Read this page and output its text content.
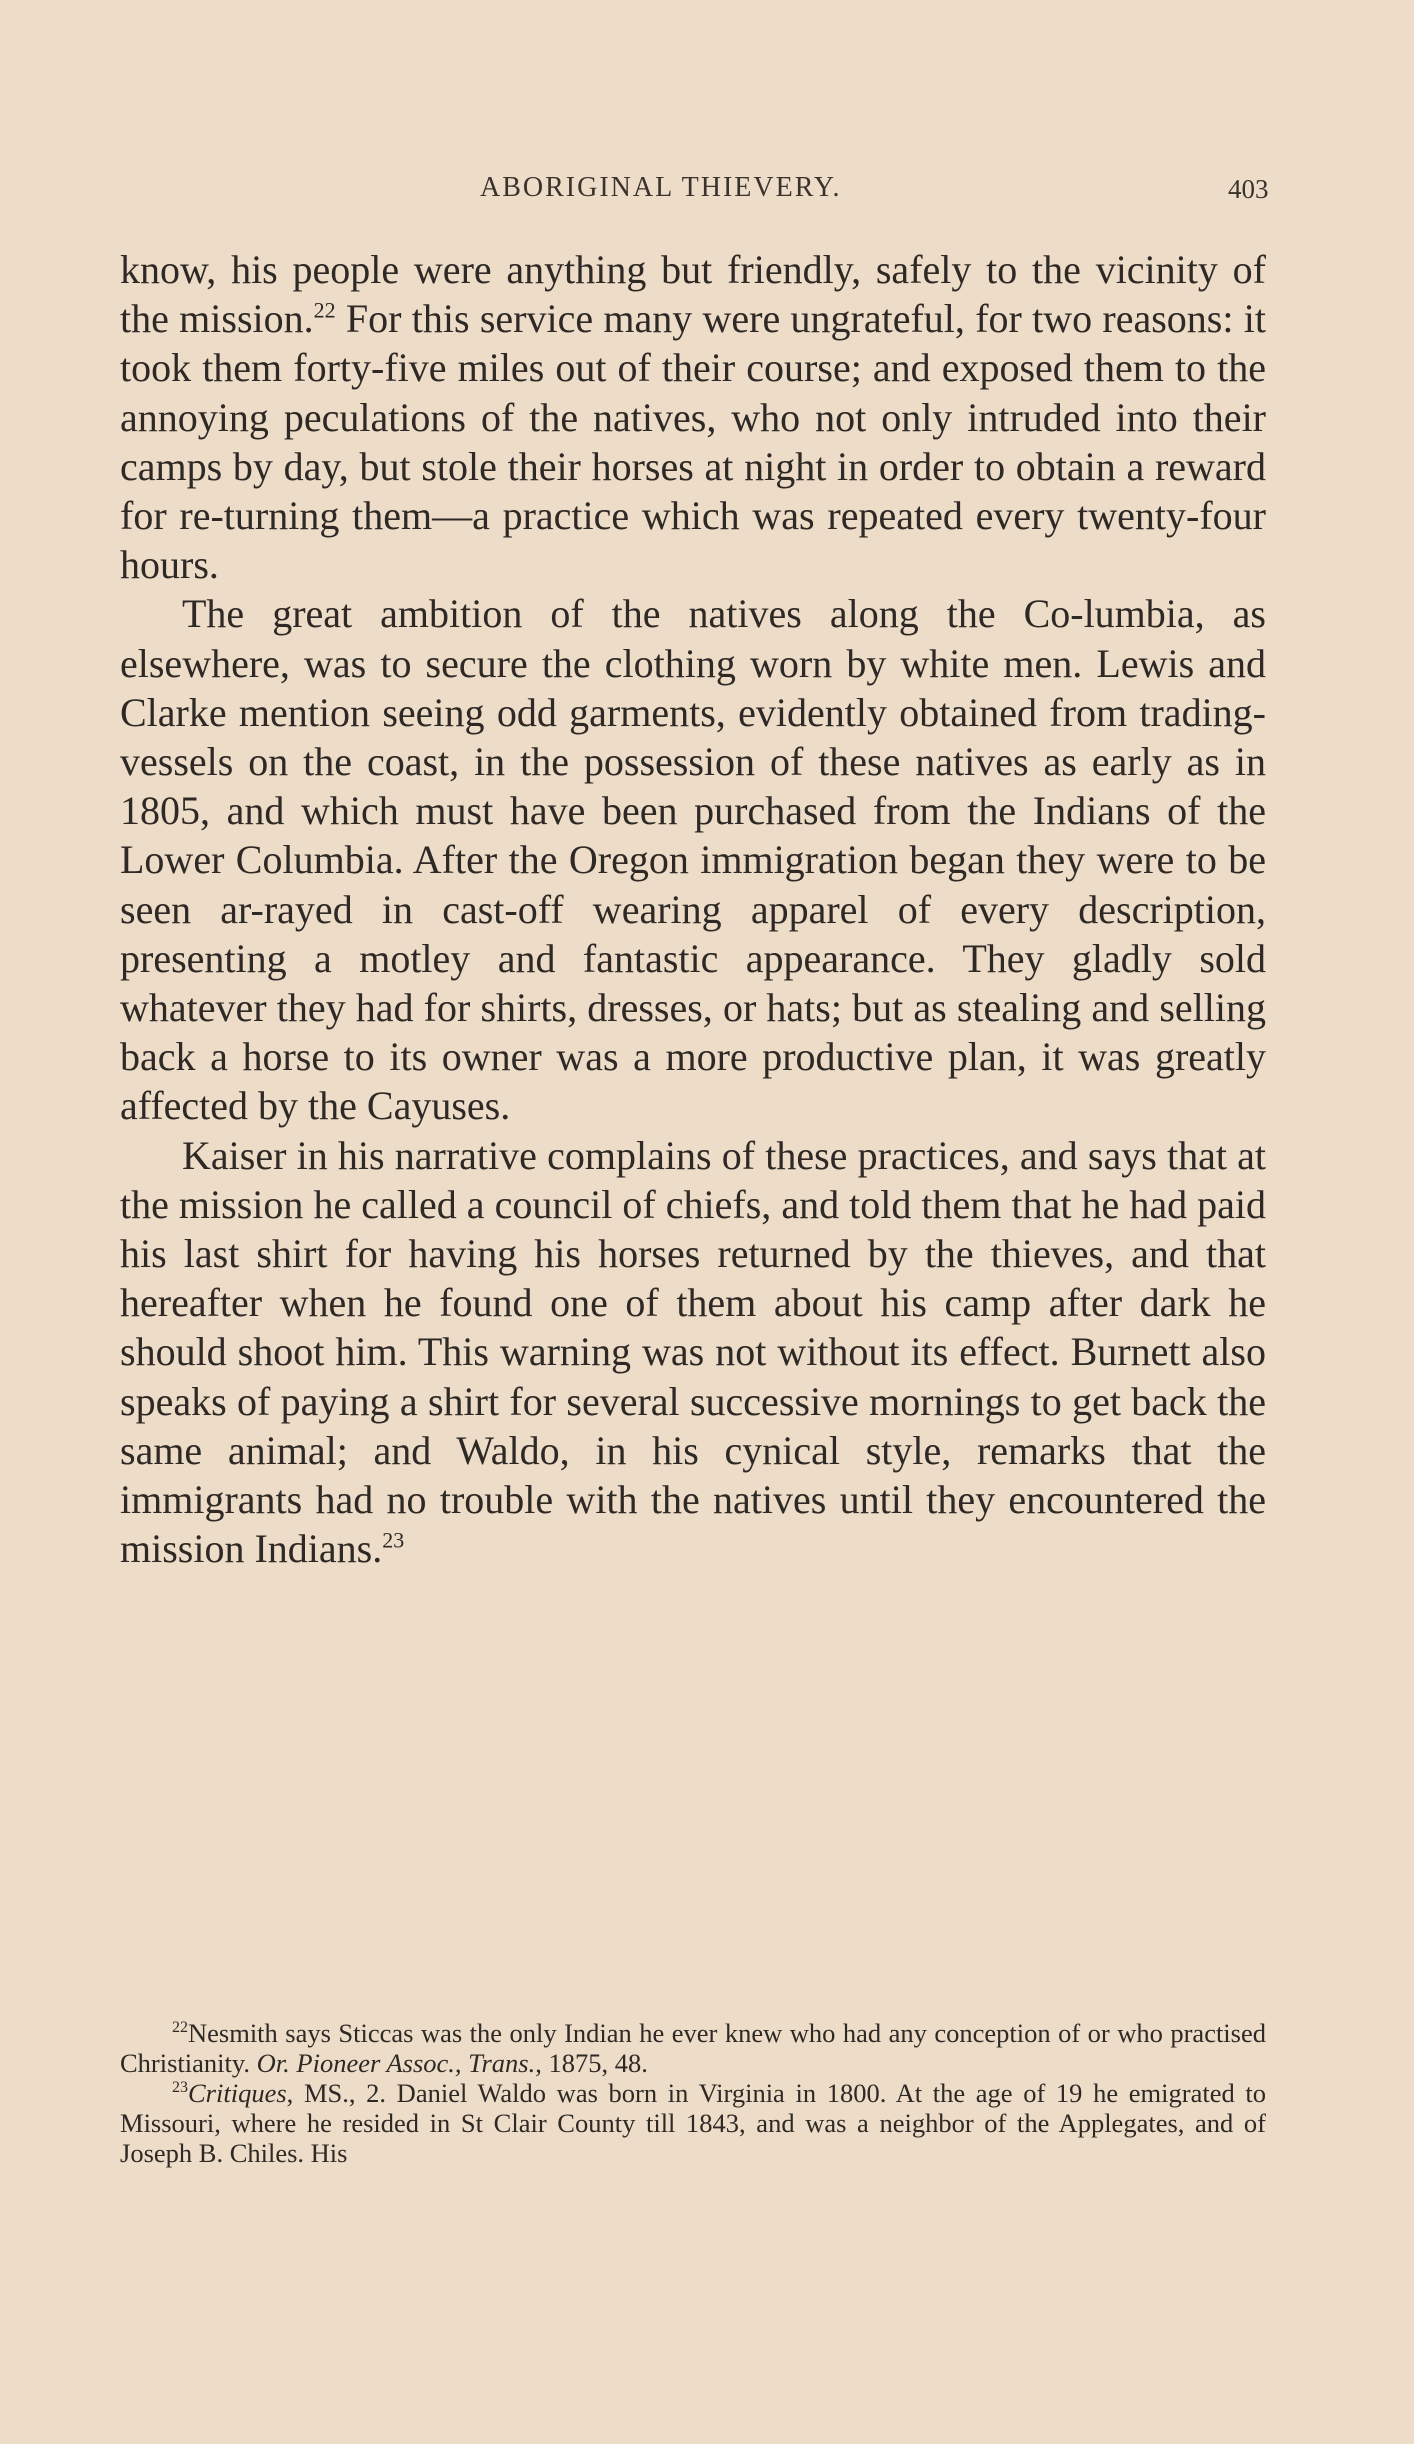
ABORIGINAL THIEVERY.	403

know, his people were anything but friendly, safely to the vicinity of the mission.$^{22}$ For this service many were ungrateful, for two reasons: it took them forty-five miles out of their course; and exposed them to the annoying peculations of the natives, who not only intruded into their camps by day, but stole their horses at night in order to obtain a reward for re-turning them—a practice which was repeated every twenty-four hours.

The great ambition of the natives along the Co-lumbia, as elsewhere, was to secure the clothing worn by white men. Lewis and Clarke mention seeing odd garments, evidently obtained from trading-vessels on the coast, in the possession of these natives as early as in 1805, and which must have been purchased from the Indians of the Lower Columbia. After the Oregon immigration began they were to be seen ar-rayed in cast-off wearing apparel of every description, presenting a motley and fantastic appearance. They gladly sold whatever they had for shirts, dresses, or hats; but as stealing and selling back a horse to its owner was a more productive plan, it was greatly affected by the Cayuses.

Kaiser in his narrative complains of these practices, and says that at the mission he called a council of chiefs, and told them that he had paid his last shirt for having his horses returned by the thieves, and that hereafter when he found one of them about his camp after dark he should shoot him. This warning was not without its effect. Burnett also speaks of paying a shirt for several successive mornings to get back the same animal; and Waldo, in his cynical style, remarks that the immigrants had no trouble with the natives until they encountered the mission Indians.$^{23}$

$^{22}$Nesmith says Sticcas was the only Indian he ever knew who had any conception of or who practised Christianity. Or. Pioneer Assoc., Trans., 1875, 48.

$^{23}$Critiques, MS., 2. Daniel Waldo was born in Virginia in 1800. At the age of 19 he emigrated to Missouri, where he resided in St Clair County till 1843, and was a neighbor of the Applegates, and of Joseph B. Chiles. His
